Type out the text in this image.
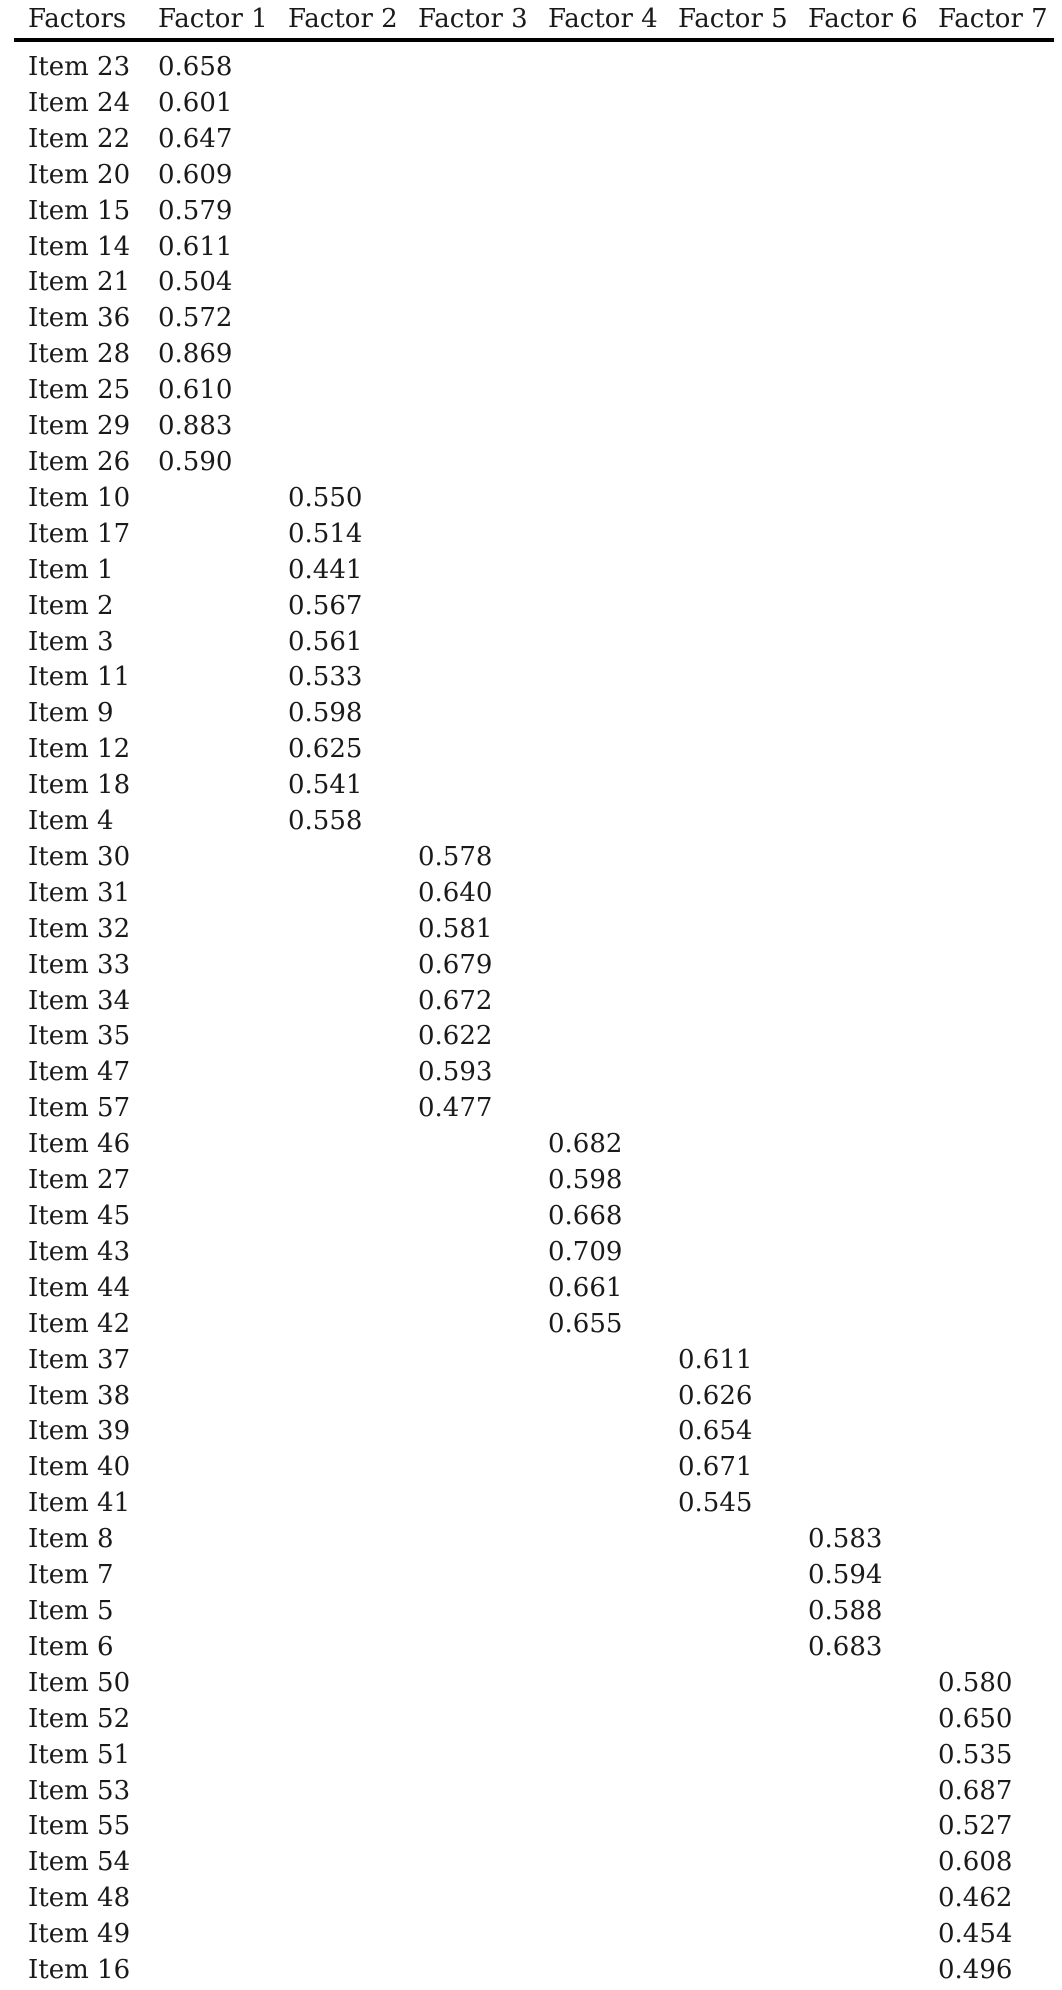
Factors	Factor 1	Factor 2	Factor 3	Factor 4	Factor 5	Factor 6	Factor 7
Item 23	0.658						
Item 24	0.601						
Item 22	0.647						
Item 20	0.609						
Item 15	0.579						
Item 14	0.611						
Item 21	0.504						
Item 36	0.572						
Item 28	0.869						
Item 25	0.610						
Item 29	0.883						
Item 26	0.590						
Item 10		0.550					
Item 17		0.514					
Item 1		0.441					
Item 2		0.567					
Item 3		0.561					
Item 11		0.533					
Item 9		0.598					
Item 12		0.625					
Item 18		0.541					
Item 4		0.558					
Item 30			0.578				
Item 31			0.640				
Item 32			0.581				
Item 33			0.679				
Item 34			0.672				
Item 35			0.622				
Item 47			0.593				
Item 57			0.477				
Item 46				0.682			
Item 27				0.598			
Item 45				0.668			
Item 43				0.709			
Item 44				0.661			
Item 42				0.655			
Item 37					0.611		
Item 38					0.626		
Item 39					0.654		
Item 40					0.671		
Item 41					0.545		
Item 8						0.583	
Item 7						0.594	
Item 5						0.588	
Item 6						0.683	
Item 50							0.580
Item 52							0.650
Item 51							0.535
Item 53							0.687
Item 55							0.527
Item 54							0.608
Item 48							0.462
Item 49							0.454
Item 16							0.496
